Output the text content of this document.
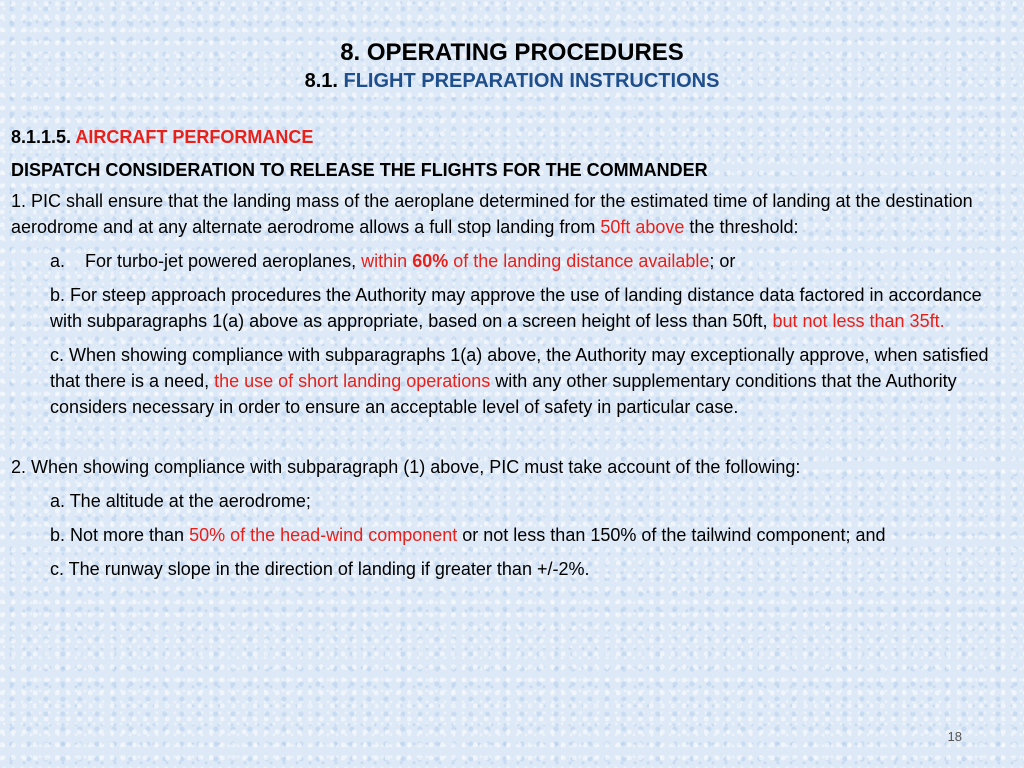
8. OPERATING PROCEDURES

8.1. FLIGHT PREPARATION INSTRUCTIONS

8.1.1.5. AIRCRAFT PERFORMANCE

DISPATCH CONSIDERATION TO RELEASE THE FLIGHTS FOR THE COMMANDER

1. PIC shall ensure that the landing mass of the aeroplane determined for the estimated time of landing at the destination aerodrome and at any alternate aerodrome allows a full stop landing from 50ft above the threshold:

a.	For turbo-jet powered aeroplanes, within 60% of the landing distance available; or

b. For steep approach procedures the Authority may approve the use of landing distance data factored in accordance with subparagraphs 1(a) above as appropriate, based on a screen height of less than 50ft, but not less than 35ft.

c. When showing compliance with subparagraphs 1(a) above, the Authority may exceptionally approve, when satisfied that there is a need, the use of short landing operations with any other supplementary conditions that the Authority considers necessary in order to ensure an acceptable level of safety in particular case.

2. When showing compliance with subparagraph (1) above, PIC must take account of the following:

a. The altitude at the aerodrome;

b. Not more than 50% of the head-wind component or not less than 150% of the tailwind component; and

c. The runway slope in the direction of landing if greater than +/-2%.

18
